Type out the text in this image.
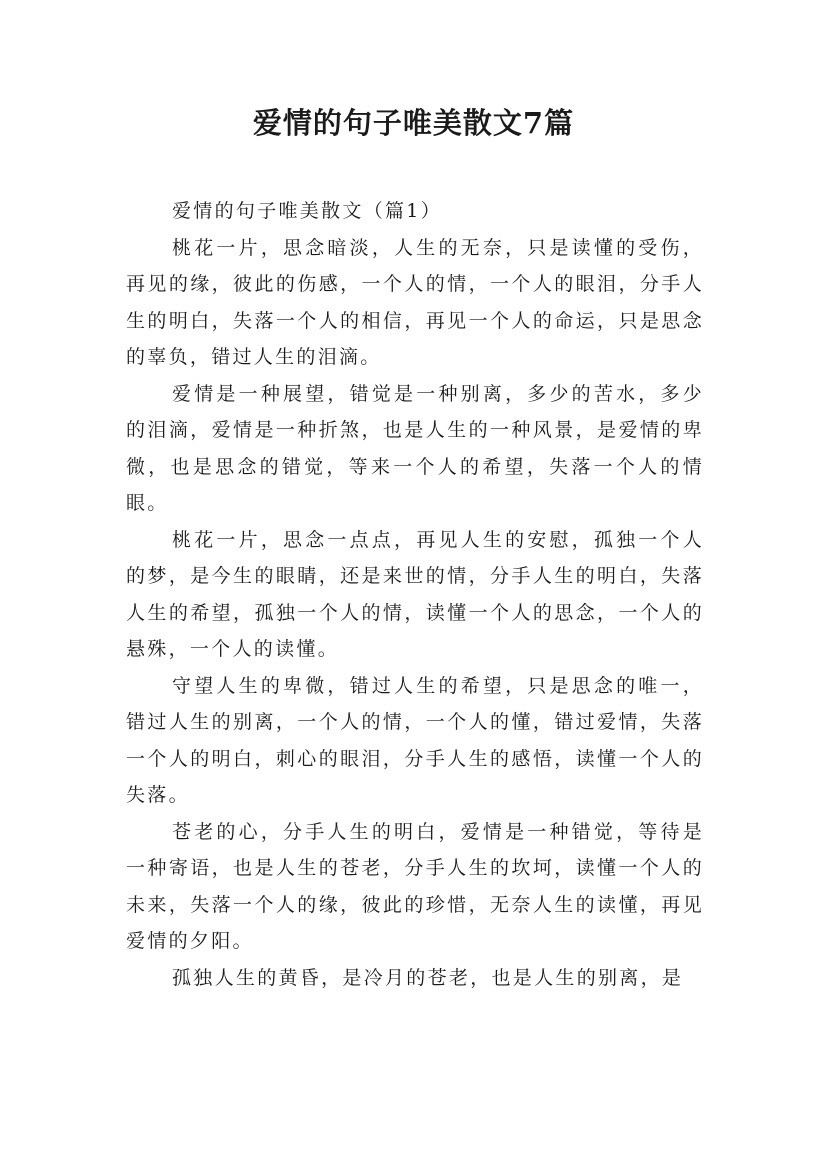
爱情的句子唯美散文7篇

爱情的句子唯美散文（篇1）

桃花一片，思念暗淡，人生的无奈，只是读懂的受伤，再见的缘，彼此的伤感，一个人的情，一个人的眼泪，分手人生的明白，失落一个人的相信，再见一个人的命运，只是思念的辜负，错过人生的泪滴。

爱情是一种展望，错觉是一种别离，多少的苦水，多少的泪滴，爱情是一种折煞，也是人生的一种风景，是爱情的卑微，也是思念的错觉，等来一个人的希望，失落一个人的情眼。

桃花一片，思念一点点，再见人生的安慰，孤独一个人的梦，是今生的眼睛，还是来世的情，分手人生的明白，失落人生的希望，孤独一个人的情，读懂一个人的思念，一个人的悬殊，一个人的读懂。

守望人生的卑微，错过人生的希望，只是思念的唯一，错过人生的别离，一个人的情，一个人的懂，错过爱情，失落一个人的明白，刺心的眼泪，分手人生的感悟，读懂一个人的失落。

苍老的心，分手人生的明白，爱情是一种错觉，等待是一种寄语，也是人生的苍老，分手人生的坎坷，读懂一个人的未来，失落一个人的缘，彼此的珍惜，无奈人生的读懂，再见爱情的夕阳。

孤独人生的黄昏，是冷月的苍老，也是人生的别离，是
